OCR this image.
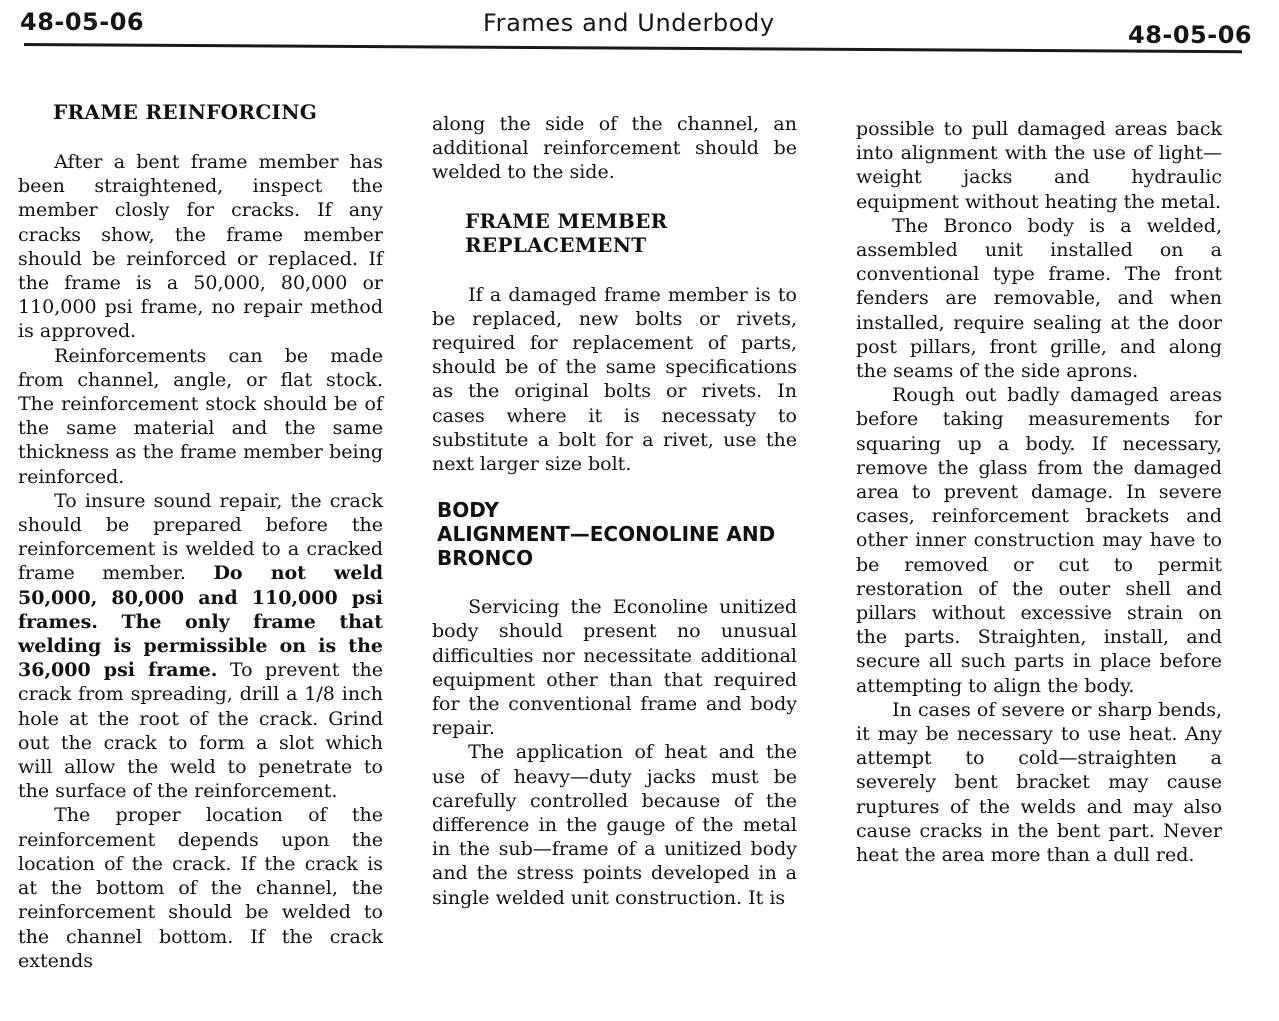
48-05-06	Frames and Underbody	48-05-06
FRAME REINFORCING

After a bent frame member has been straightened, inspect the member closly for cracks. If any cracks show, the frame member should be reinforced or replaced. If the frame is a 50,000, 80,000 or 110,000 psi frame, no repair method is approved.

Reinforcements can be made from channel, angle, or flat stock. The reinforcement stock should be of the same material and the same thickness as the frame member being reinforced.

To insure sound repair, the crack should be prepared before the reinforcement is welded to a cracked frame member. Do not weld 50,000, 80,000 and 110,000 psi frames. The only frame that welding is permissible on is the 36,000 psi frame. To prevent the crack from spreading, drill a 1/8 inch hole at the root of the crack. Grind out the crack to form a slot which will allow the weld to penetrate to the surface of the reinforcement.

The proper location of the reinforcement depends upon the location of the crack. If the crack is at the bottom of the channel, the reinforcement should be welded to the channel bottom. If the crack extends

along the side of the channel, an additional reinforcement should be welded to the side.

FRAME MEMBER
REPLACEMENT

If a damaged frame member is to be replaced, new bolts or rivets, required for replacement of parts, should be of the same specifications as the original bolts or rivets. In cases where it is necessaty to substitute a bolt for a rivet, use the next larger size bolt.

BODY
ALIGNMENT—ECONOLINE AND
BRONCO

Servicing the Econoline unitized body should present no unusual difficulties nor necessitate additional equipment other than that required for the conventional frame and body repair.

The application of heat and the use of heavy—duty jacks must be carefully controlled because of the difference in the gauge of the metal in the sub—frame of a unitized body and the stress points developed in a single welded unit construction. It is

possible to pull damaged areas back into alignment with the use of light—weight jacks and hydraulic equipment without heating the metal.

The Bronco body is a welded, assembled unit installed on a conventional type frame. The front fenders are removable, and when installed, require sealing at the door post pillars, front grille, and along the seams of the side aprons.

Rough out badly damaged areas before taking measurements for squaring up a body. If necessary, remove the glass from the damaged area to prevent damage. In severe cases, reinforcement brackets and other inner construction may have to be removed or cut to permit restoration of the outer shell and pillars without excessive strain on the parts. Straighten, install, and secure all such parts in place before attempting to align the body.

In cases of severe or sharp bends, it may be necessary to use heat. Any attempt to cold—straighten a severely bent bracket may cause ruptures of the welds and may also cause cracks in the bent part. Never heat the area more than a dull red.
